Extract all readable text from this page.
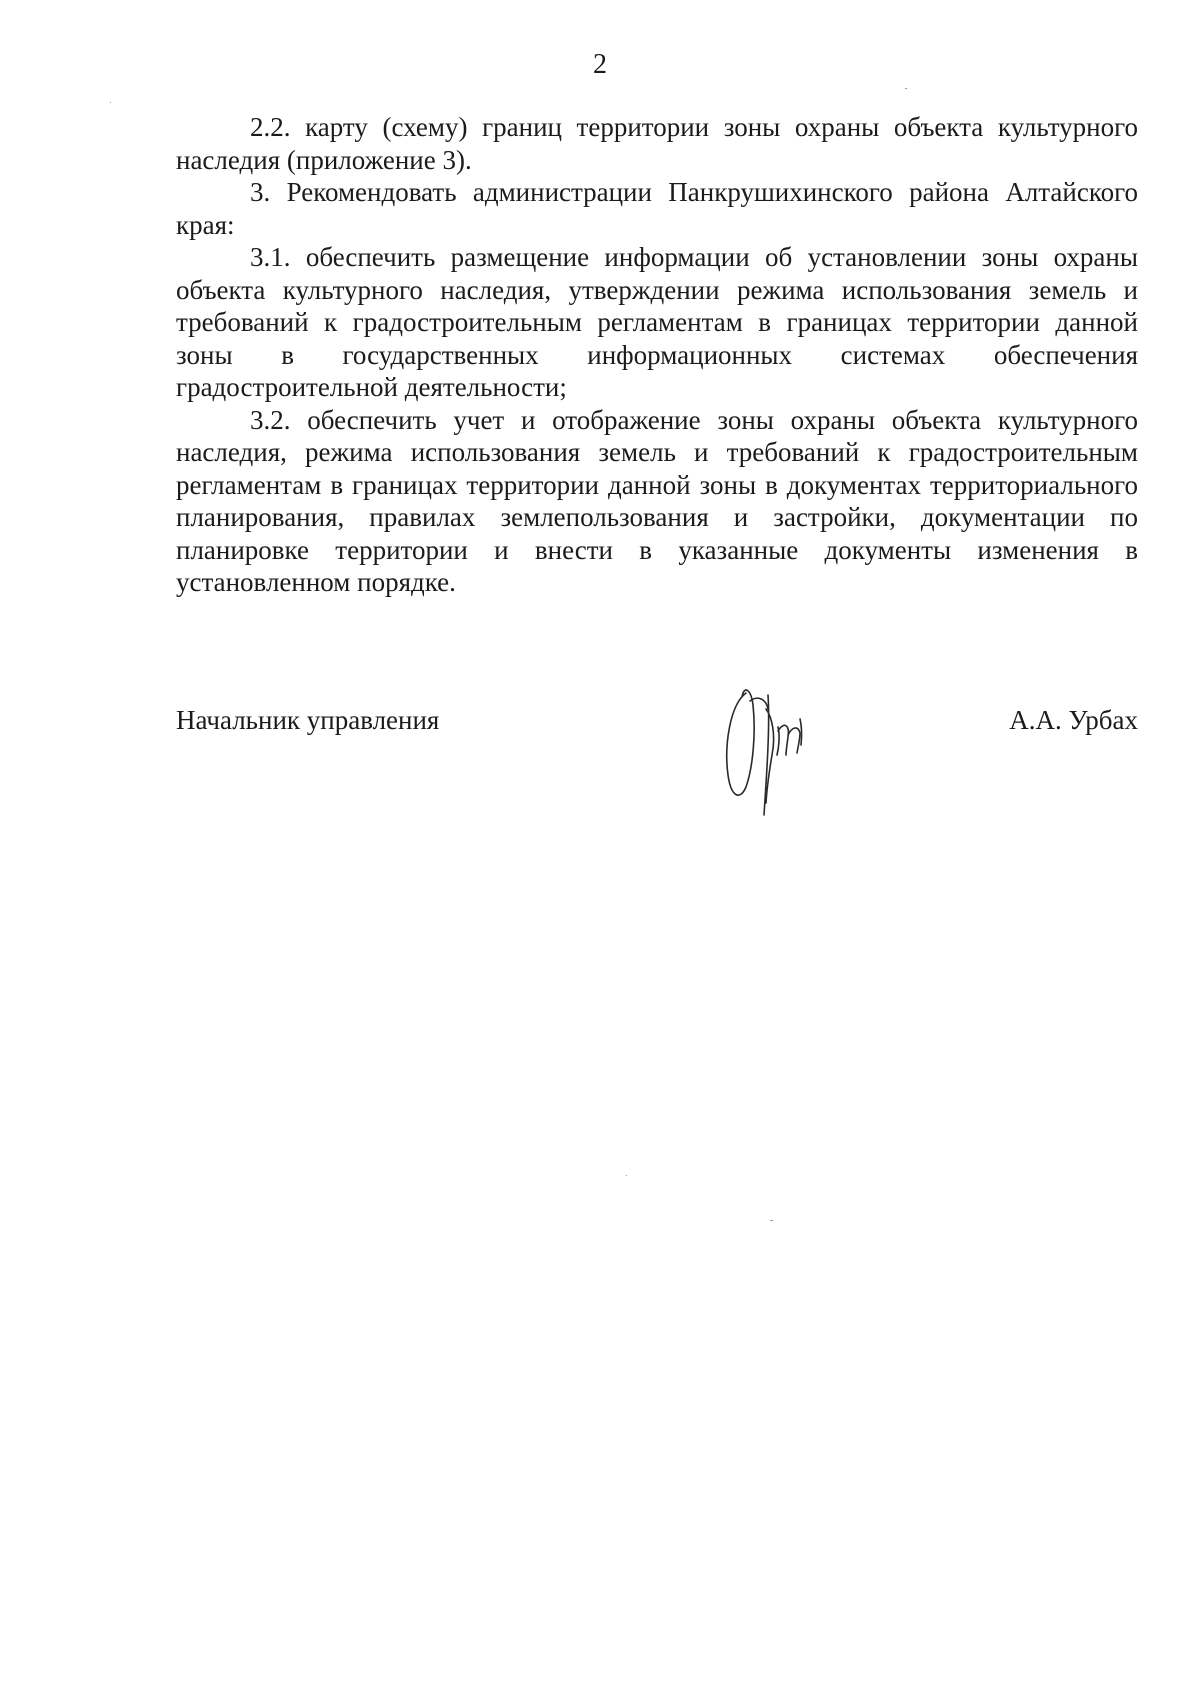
2

2.2. карту (схему) границ территории зоны охраны объекта культурного наследия (приложение 3).

3. Рекомендовать администрации Панкрушихинского района Алтайского края:

3.1. обеспечить размещение информации об установлении зоны охраны объекта культурного наследия, утверждении режима использования земель и требований к градостроительным регламентам в границах территории данной зоны в государственных информационных системах обеспечения градостроительной деятельности;

3.2. обеспечить учет и отображение зоны охраны объекта культурного наследия, режима использования земель и требований к градостроительным регламентам в границах территории данной зоны в документах территориального планирования, правилах землепользования и застройки, документации по планировке территории и внести в указанные документы изменения в установленном порядке.

Начальник управления	А.А. Урбах
